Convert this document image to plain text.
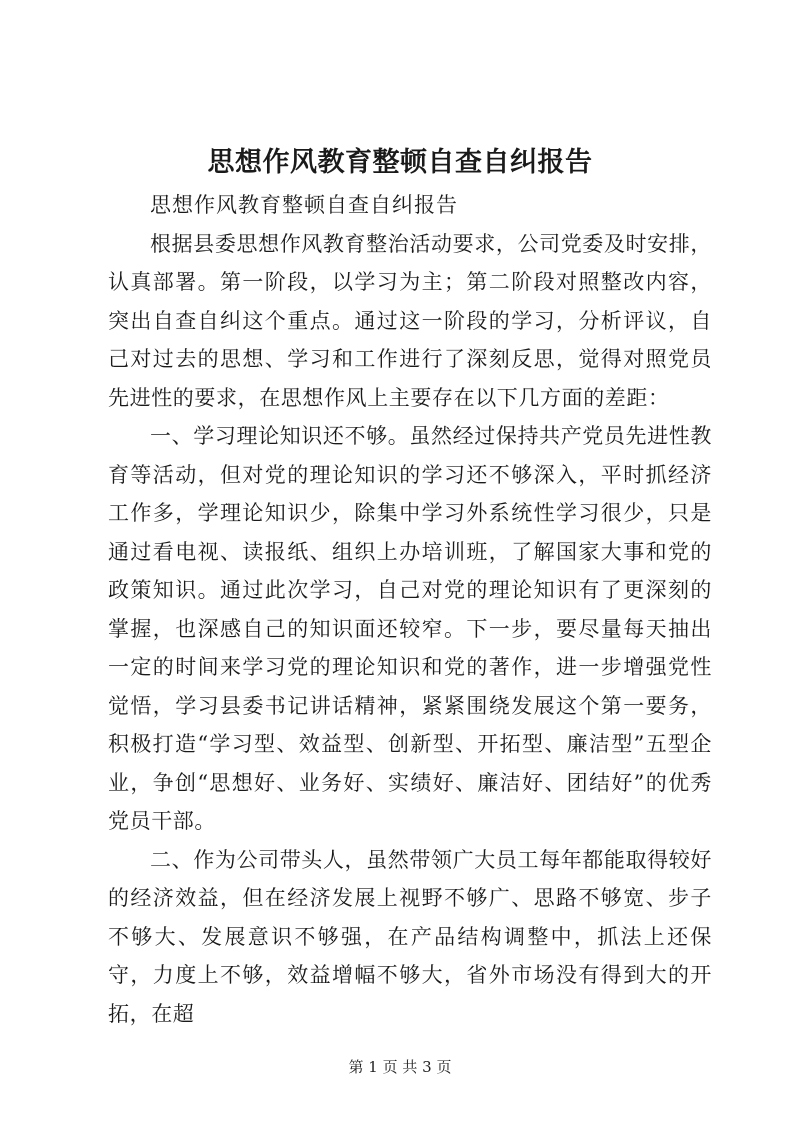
思想作风教育整顿自查自纠报告

思想作风教育整顿自查自纠报告

根据县委思想作风教育整治活动要求，公司党委及时安排，认真部署。第一阶段，以学习为主；第二阶段对照整改内容，突出自查自纠这个重点。通过这一阶段的学习，分析评议，自己对过去的思想、学习和工作进行了深刻反思，觉得对照党员先进性的要求，在思想作风上主要存在以下几方面的差距：

一、学习理论知识还不够。虽然经过保持共产党员先进性教育等活动，但对党的理论知识的学习还不够深入，平时抓经济工作多，学理论知识少，除集中学习外系统性学习很少，只是通过看电视、读报纸、组织上办培训班，了解国家大事和党的政策知识。通过此次学习，自己对党的理论知识有了更深刻的掌握，也深感自己的知识面还较窄。下一步，要尽量每天抽出一定的时间来学习党的理论知识和党的著作，进一步增强党性觉悟，学习县委书记讲话精神，紧紧围绕发展这个第一要务，积极打造“学习型、效益型、创新型、开拓型、廉洁型”五型企业，争创“思想好、业务好、实绩好、廉洁好、团结好”的优秀党员干部。

二、作为公司带头人，虽然带领广大员工每年都能取得较好的经济效益，但在经济发展上视野不够广、思路不够宽、步子不够大、发展意识不够强，在产品结构调整中，抓法上还保守，力度上不够，效益增幅不够大，省外市场没有得到大的开拓，在超

第 1 页 共 3 页
